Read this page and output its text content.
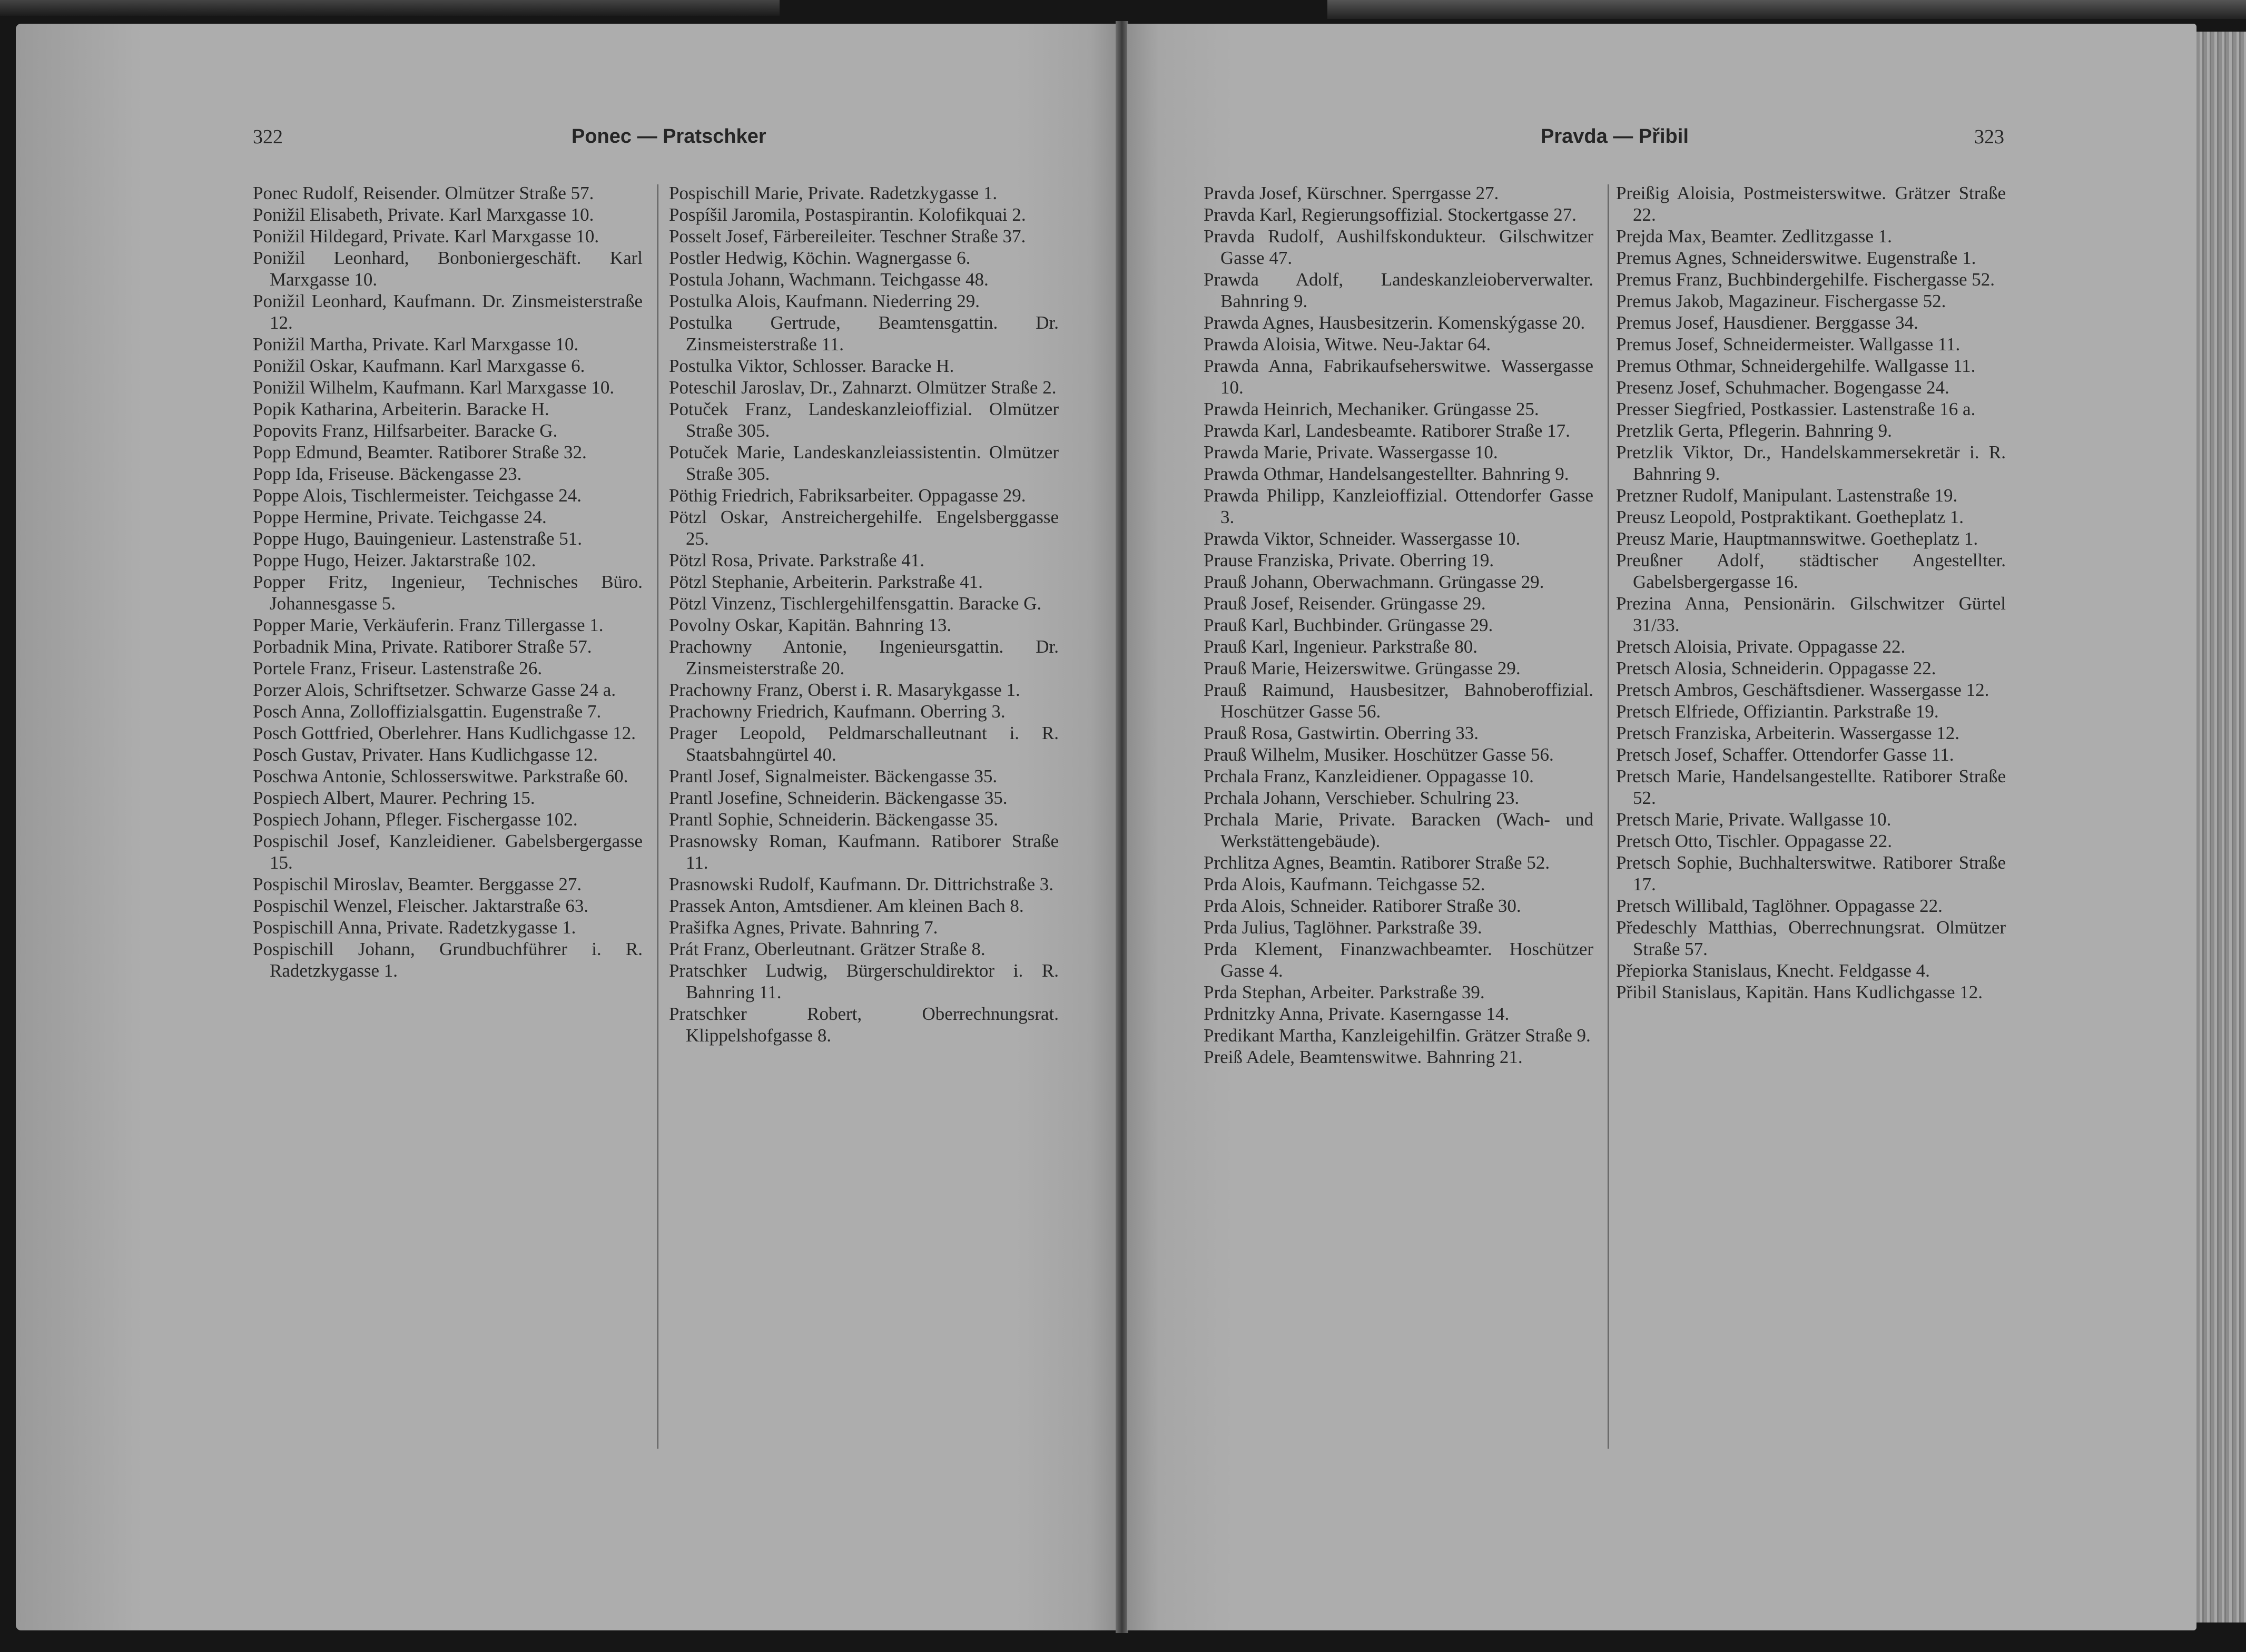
322	Ponec — Pratschker	Pravda — Přibil	323
Ponec Rudolf, Reisender. Olmützer Straße 57.
Ponižil Elisabeth, Private. Karl Marxgasse 10.
Ponižil Hildegard, Private. Karl Marxgasse 10.
Ponižil Leonhard, Bonboniergeschäft. Karl Marxgasse 10.
Ponižil Leonhard, Kaufmann. Dr. Zinsmeisterstraße 12.
Ponižil Martha, Private. Karl Marxgasse 10.
Ponižil Oskar, Kaufmann. Karl Marxgasse 6.
Ponižil Wilhelm, Kaufmann. Karl Marxgasse 10.
Popik Katharina, Arbeiterin. Baracke H.
Popovits Franz, Hilfsarbeiter. Baracke G.
Popp Edmund, Beamter. Ratiborer Straße 32.
Popp Ida, Friseuse. Bäckengasse 23.
Poppe Alois, Tischlermeister. Teichgasse 24.
Poppe Hermine, Private. Teichgasse 24.
Poppe Hugo, Bauingenieur. Lastenstraße 51.
Poppe Hugo, Heizer. Jaktarstraße 102.
Popper Fritz, Ingenieur, Technisches Büro. Johannesgasse 5.
Popper Marie, Verkäuferin. Franz Tillergasse 1.
Porbadnik Mina, Private. Ratiborer Straße 57.
Portele Franz, Friseur. Lastenstraße 26.
Porzer Alois, Schriftsetzer. Schwarze Gasse 24 a.
Posch Anna, Zolloffizialsgattin. Eugenstraße 7.
Posch Gottfried, Oberlehrer. Hans Kudlichgasse 12.
Posch Gustav, Privater. Hans Kudlichgasse 12.
Poschwa Antonie, Schlosserswitwe. Parkstraße 60.
Pospiech Albert, Maurer. Pechring 15.
Pospiech Johann, Pfleger. Fischergasse 102.
Pospischil Josef, Kanzleidiener. Gabelsbergergasse 15.
Pospischil Miroslav, Beamter. Berggasse 27.
Pospischil Wenzel, Fleischer. Jaktarstraße 63.
Pospischill Anna, Private. Radetzkygasse 1.
Pospischill Johann, Grundbuchführer i. R. Radetzkygasse 1.
Pospischill Marie, Private. Radetzkygasse 1.
Pospíšil Jaromila, Postaspirantin. Kolofikquai 2.
Posselt Josef, Färbereileiter. Teschner Straße 37.
Postler Hedwig, Köchin. Wagnergasse 6.
Postula Johann, Wachmann. Teichgasse 48.
Postulka Alois, Kaufmann. Niederring 29.
Postulka Gertrude, Beamtensgattin. Dr. Zinsmeisterstraße 11.
Postulka Viktor, Schlosser. Baracke H.
Poteschil Jaroslav, Dr., Zahnarzt. Olmützer Straße 2.
Potuček Franz, Landeskanzleioffizial. Olmützer Straße 305.
Potuček Marie, Landeskanzleiassistentin. Olmützer Straße 305.
Pöthig Friedrich, Fabriksarbeiter. Oppagasse 29.
Pötzl Oskar, Anstreichergehilfe. Engelsberggasse 25.
Pötzl Rosa, Private. Parkstraße 41.
Pötzl Stephanie, Arbeiterin. Parkstraße 41.
Pötzl Vinzenz, Tischlergehilfensgattin. Baracke G.
Povolny Oskar, Kapitän. Bahnring 13.
Prachowny Antonie, Ingenieursgattin. Dr. Zinsmeisterstraße 20.
Prachowny Franz, Oberst i. R. Masarykgasse 1.
Prachowny Friedrich, Kaufmann. Oberring 3.
Prager Leopold, Peldmarschalleutnant i. R. Staatsbahngürtel 40.
Prantl Josef, Signalmeister. Bäckengasse 35.
Prantl Josefine, Schneiderin. Bäckengasse 35.
Prantl Sophie, Schneiderin. Bäckengasse 35.
Prasnowsky Roman, Kaufmann. Ratiborer Straße 11.
Prasnowski Rudolf, Kaufmann. Dr. Dittrichstraße 3.
Prassek Anton, Amtsdiener. Am kleinen Bach 8.
Prašifka Agnes, Private. Bahnring 7.
Prát Franz, Oberleutnant. Grätzer Straße 8.
Pratschker Ludwig, Bürgerschuldirektor i. R. Bahnring 11.
Pratschker Robert, Oberrechnungsrat. Klippelshofgasse 8.
Pravda Josef, Kürschner. Sperrgasse 27.
Pravda Karl, Regierungsoffizial. Stockertgasse 27.
Pravda Rudolf, Aushilfskondukteur. Gilschwitzer Gasse 47.
Prawda Adolf, Landeskanzleioberverwalter. Bahnring 9.
Prawda Agnes, Hausbesitzerin. Komenskýgasse 20.
Prawda Aloisia, Witwe. Neu-Jaktar 64.
Prawda Anna, Fabrikaufseherswitwe. Wassergasse 10.
Prawda Heinrich, Mechaniker. Grüngasse 25.
Prawda Karl, Landesbeamte. Ratiborer Straße 17.
Prawda Marie, Private. Wassergasse 10.
Prawda Othmar, Handelsangestellter. Bahnring 9.
Prawda Philipp, Kanzleioffizial. Ottendorfer Gasse 3.
Prawda Viktor, Schneider. Wassergasse 10.
Prause Franziska, Private. Oberring 19.
Prauß Johann, Oberwachmann. Grüngasse 29.
Prauß Josef, Reisender. Grüngasse 29.
Prauß Karl, Buchbinder. Grüngasse 29.
Prauß Karl, Ingenieur. Parkstraße 80.
Prauß Marie, Heizerswitwe. Grüngasse 29.
Prauß Raimund, Hausbesitzer, Bahnoberoffizial. Hoschützer Gasse 56.
Prauß Rosa, Gastwirtin. Oberring 33.
Prauß Wilhelm, Musiker. Hoschützer Gasse 56.
Prchala Franz, Kanzleidiener. Oppagasse 10.
Prchala Johann, Verschieber. Schulring 23.
Prchala Marie, Private. Baracken (Wach- und Werkstättengebäude).
Prchlitza Agnes, Beamtin. Ratiborer Straße 52.
Prda Alois, Kaufmann. Teichgasse 52.
Prda Alois, Schneider. Ratiborer Straße 30.
Prda Julius, Taglöhner. Parkstraße 39.
Prda Klement, Finanzwachbeamter. Hoschützer Gasse 4.
Prda Stephan, Arbeiter. Parkstraße 39.
Prdnitzky Anna, Private. Kaserngasse 14.
Predikant Martha, Kanzleigehilfin. Grätzer Straße 9.
Preiß Adele, Beamtenswitwe. Bahnring 21.
Preißig Aloisia, Postmeisterswitwe. Grätzer Straße 22.
Prejda Max, Beamter. Zedlitzgasse 1.
Premus Agnes, Schneiderswitwe. Eugenstraße 1.
Premus Franz, Buchbindergehilfe. Fischergasse 52.
Premus Jakob, Magazineur. Fischergasse 52.
Premus Josef, Hausdiener. Berggasse 34.
Premus Josef, Schneidermeister. Wallgasse 11.
Premus Othmar, Schneidergehilfe. Wallgasse 11.
Presenz Josef, Schuhmacher. Bogengasse 24.
Presser Siegfried, Postkassier. Lastenstraße 16 a.
Pretzlik Gerta, Pflegerin. Bahnring 9.
Pretzlik Viktor, Dr., Handelskammersekretär i. R. Bahnring 9.
Pretzner Rudolf, Manipulant. Lastenstraße 19.
Preusz Leopold, Postpraktikant. Goetheplatz 1.
Preusz Marie, Hauptmannswitwe. Goetheplatz 1.
Preußner Adolf, städtischer Angestellter. Gabelsbergergasse 16.
Prezina Anna, Pensionärin. Gilschwitzer Gürtel 31/33.
Pretsch Aloisia, Private. Oppagasse 22.
Pretsch Alosia, Schneiderin. Oppagasse 22.
Pretsch Ambros, Geschäftsdiener. Wassergasse 12.
Pretsch Elfriede, Offiziantin. Parkstraße 19.
Pretsch Franziska, Arbeiterin. Wassergasse 12.
Pretsch Josef, Schaffer. Ottendorfer Gasse 11.
Pretsch Marie, Handelsangestellte. Ratiborer Straße 52.
Pretsch Marie, Private. Wallgasse 10.
Pretsch Otto, Tischler. Oppagasse 22.
Pretsch Sophie, Buchhalterswitwe. Ratiborer Straße 17.
Pretsch Willibald, Taglöhner. Oppagasse 22.
Předeschly Matthias, Oberrechnungsrat. Olmützer Straße 57.
Přepiorka Stanislaus, Knecht. Feldgasse 4.
Přibil Stanislaus, Kapitän. Hans Kudlichgasse 12.
